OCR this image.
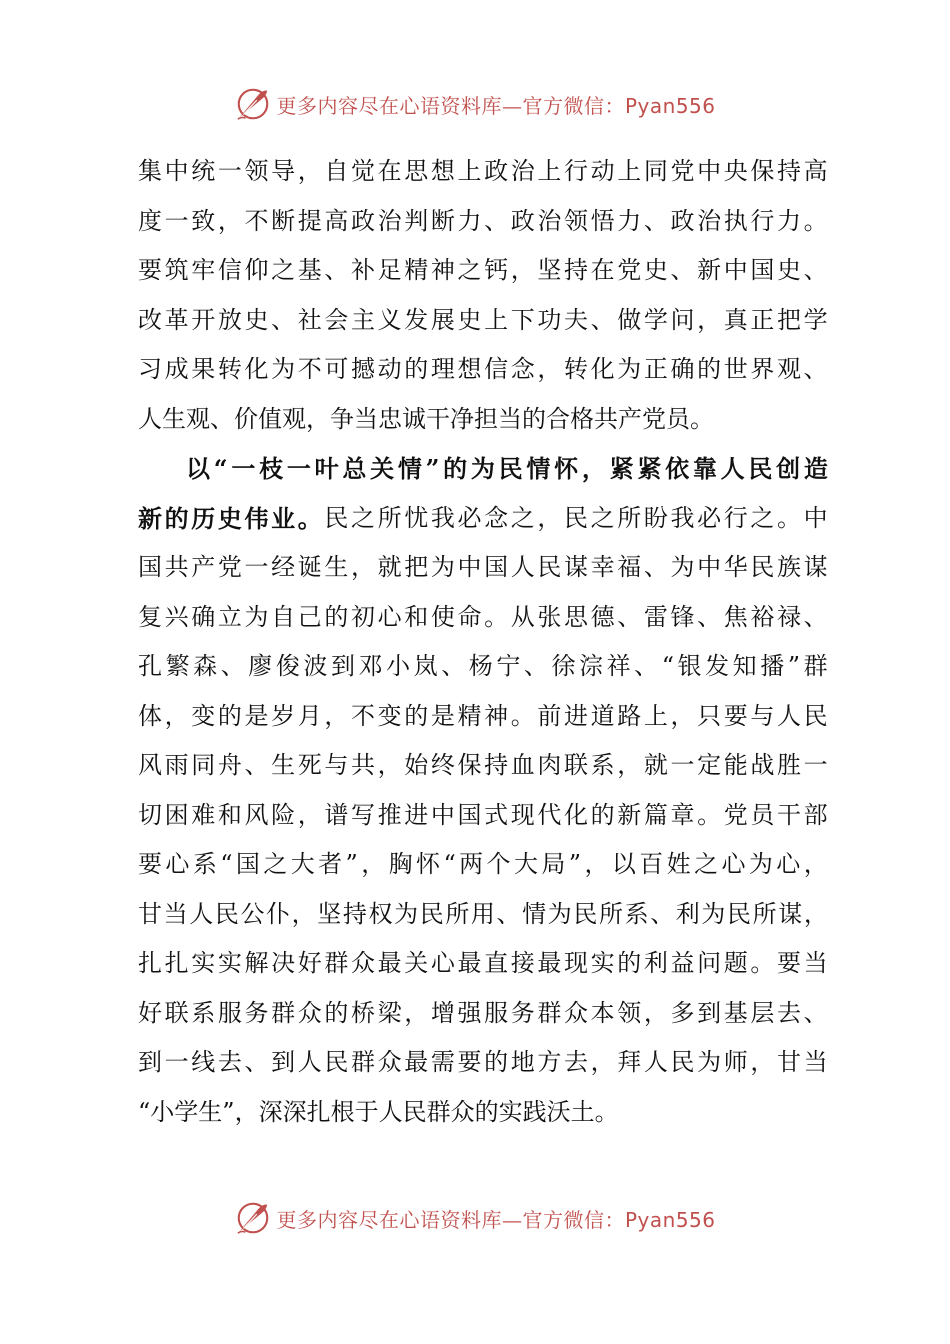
更多内容尽在心语资料库—官方微信：Pyan556
集 中 统 一 领 导 ， 自 觉 在 思 想 上 政 治 上 行 动 上 同 党 中 央 保 持 高
度 一 致 ， 不 断 提 高 政 治 判 断 力 、 政 治 领 悟 力 、 政 治 执 行 力 。
要 筑 牢 信 仰 之 基 、 补 足 精 神 之 钙 ， 坚 持 在 党 史 、 新 中 国 史 、
改 革 开 放 史 、 社 会 主 义 发 展 史 上 下 功 夫 、 做 学 问 ， 真 正 把 学
习 成 果 转 化 为 不 可 撼 动 的 理 想 信 念 ， 转 化 为 正 确 的 世 界 观 、
人 生 观 、 价 值 观 ， 争 当 忠 诚 干 净 担 当 的 合 格 共 产 党 员 。
以 “ 一 枝 一 叶 总 关 情 ” 的 为 民 情 怀 ， 紧 紧 依 靠 人 民 创 造
新 的 历 史 伟 业 。 民 之 所 忧 我 必 念 之 ， 民 之 所 盼 我 必 行 之 。 中
国 共 产 党 一 经 诞 生 ， 就 把 为 中 国 人 民 谋 幸 福 、 为 中 华 民 族 谋
复 兴 确 立 为 自 己 的 初 心 和 使 命 。 从 张 思 德 、 雷 锋 、 焦 裕 禄 、
孔 繁 森 、 廖 俊 波 到 邓 小 岚 、 杨 宁 、 徐 淙 祥 、 “ 银 发 知 播 ” 群
体 ， 变 的 是 岁 月 ， 不 变 的 是 精 神 。 前 进 道 路 上 ， 只 要 与 人 民
风 雨 同 舟 、 生 死 与 共 ， 始 终 保 持 血 肉 联 系 ， 就 一 定 能 战 胜 一
切 困 难 和 风 险 ， 谱 写 推 进 中 国 式 现 代 化 的 新 篇 章 。 党 员 干 部
要 心 系 “ 国 之 大 者 ” ， 胸 怀 “ 两 个 大 局 ” ， 以 百 姓 之 心 为 心 ，
甘 当 人 民 公 仆 ， 坚 持 权 为 民 所 用 、 情 为 民 所 系 、 利 为 民 所 谋 ，
扎 扎 实 实 解 决 好 群 众 最 关 心 最 直 接 最 现 实 的 利 益 问 题 。 要 当
好 联 系 服 务 群 众 的 桥 梁 ， 增 强 服 务 群 众 本 领 ， 多 到 基 层 去 、
到 一 线 去 、 到 人 民 群 众 最 需 要 的 地 方 去 ， 拜 人 民 为 师 ， 甘 当
“ 小 学 生 ” ， 深 深 扎 根 于 人 民 群 众 的 实 践 沃 土 。
更多内容尽在心语资料库—官方微信：Pyan556
